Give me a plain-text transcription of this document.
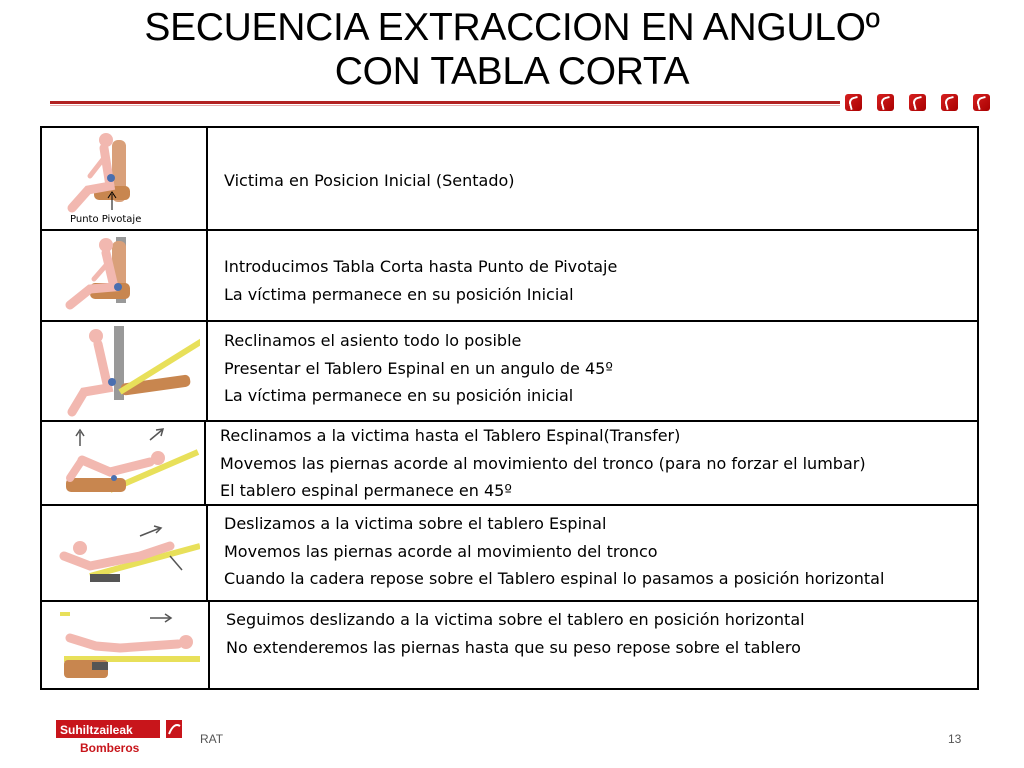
SECUENCIA EXTRACCION EN ANGULOº
CON TABLA CORTA
Punto Pivotaje
Victima en Posicion Inicial (Sentado)
Introducimos Tabla Corta hasta Punto de Pivotaje
La víctima permanece en su posición Inicial
Reclinamos el asiento todo lo posible
Presentar el Tablero Espinal en un angulo de 45º
La víctima permanece en su posición inicial
Reclinamos a la victima hasta el Tablero Espinal(Transfer)
Movemos las piernas acorde al movimiento del tronco (para no forzar el lumbar)
El tablero espinal permanece en 45º
Deslizamos a la victima sobre el tablero Espinal
Movemos las piernas acorde al movimiento del tronco
Cuando la cadera repose sobre el Tablero espinal lo pasamos a posición horizontal
Seguimos deslizando a la victima sobre el tablero en posición horizontal
No extenderemos las piernas hasta que su peso repose sobre el tablero
Suhiltzaileak
Bomberos
RAT	13
